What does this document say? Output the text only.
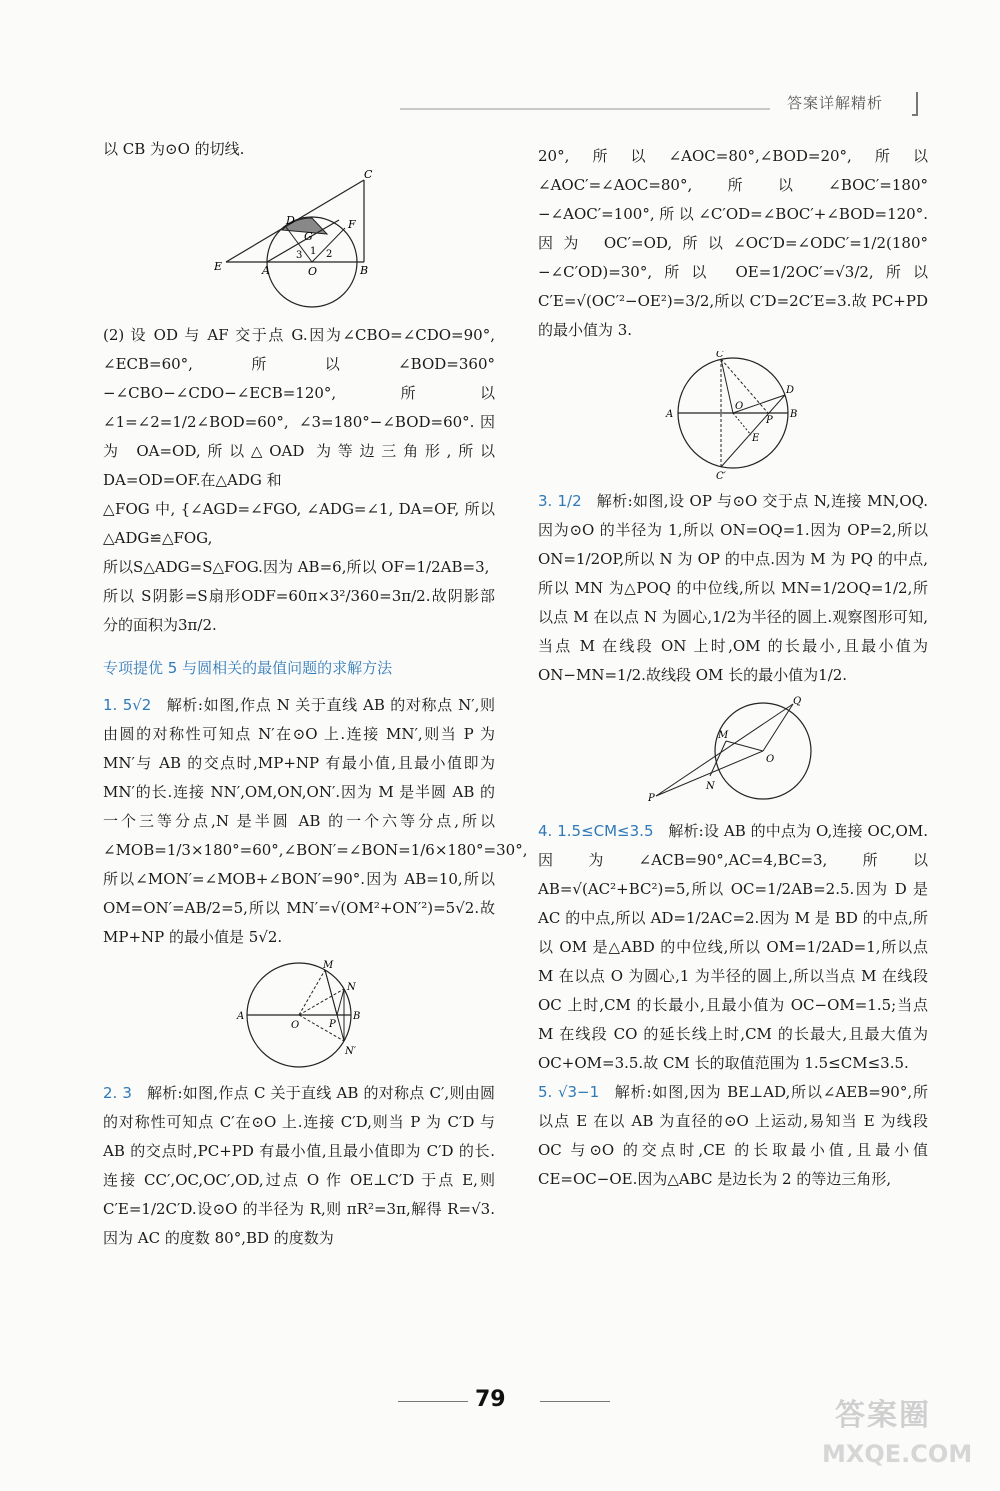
答案详解精析

以 CB 为⊙O 的切线.

C
D
G
F
E	A
1 2
3
O	B

(2) 设 OD 与 AF 交于点 G.因为∠CBO=∠CDO=90°, ∠ECB=60°,所以∠BOD=360°−∠CBO−∠CDO−∠ECB=120°,所以∠1=∠2=1/2∠BOD=60°, ∠3=180°−∠BOD=60°.因为 OA=OD,所以△OAD 为等边三角形,所以 DA=OD=OF.在△ADG 和

△FOG 中, {∠AGD=∠FGO, ∠ADG=∠1, DA=OF, 所以△ADG≌△FOG,

所以S△ADG=S△FOG.因为 AB=6,所以 OF=1/2AB=3,

所以 S阴影=S扇形ODF=60π×3²/360=3π/2.故阴影部分的面积为3π/2.

专项提优 5 与圆相关的最值问题的求解方法

1. 5√2 解析:如图,作点 N 关于直线 AB 的对称点 N′,则由圆的对称性可知点 N′在⊙O 上.连接 MN′,则当 P 为 MN′与 AB 的交点时,MP+NP 有最小值,且最小值即为 MN′的长.连接 NN′,OM,ON,ON′.因为 M 是半圆 AB 的一个三等分点,N 是半圆 AB 的一个六等分点,所以∠MOB=1/3×180°=60°,∠BON′=∠BON=1/6×180°=30°,所以∠MON′=∠MOB+∠BON′=90°.因为 AB=10,所以 OM=ON′=AB/2=5,所以 MN′=√(OM²+ON′²)=5√2.故 MP+NP 的最小值是 5√2.

M
N
A
O	P
B
N′

2. 3 解析:如图,作点 C 关于直线 AB 的对称点 C′,则由圆的对称性可知点 C′在⊙O 上.连接 C′D,则当 P 为 C′D 与 AB 的交点时,PC+PD 有最小值,且最小值即为 C′D 的长.连接 CC′,OC,OC′,OD,过点 O 作 OE⊥C′D 于点 E,则 C′E=1/2C′D.设⊙O 的半径为 R,则 πR²=3π,解得 R=√3.因为 AC 的度数 80°,BD 的度数为

20°,所以∠AOC=80°,∠BOD=20°,所以∠AOC′=∠AOC=80°,所以∠BOC′=180°−∠AOC′=100°,所以∠C′OD=∠BOC′+∠BOD=120°.因为 OC′=OD,所以∠OC′D=∠ODC′=1/2(180°−∠C′OD)=30°,所以 OE=1/2OC′=√3/2,所以 C′E=√(OC′²−OE²)=3/2,所以 C′D=2C′E=3.故 PC+PD 的最小值为 3.

C
D
A
O
P
B
E
C′

3. 1/2 解析:如图,设 OP 与⊙O 交于点 N,连接 MN,OQ.因为⊙O 的半径为 1,所以 ON=OQ=1.因为 OP=2,所以 ON=1/2OP,所以 N 为 OP 的中点.因为 M 为 PQ 的中点,所以 MN 为△POQ 的中位线,所以 MN=1/2OQ=1/2,所以点 M 在以点 N 为圆心,1/2为半径的圆上.观察图形可知,当点 M 在线段 ON 上时,OM 的长最小,且最小值为 ON−MN=1/2.故线段 OM 长的最小值为1/2.

Q
M
O
P
N

4. 1.5≤CM≤3.5 解析:设 AB 的中点为 O,连接 OC,OM.因为∠ACB=90°,AC=4,BC=3,所以 AB=√(AC²+BC²)=5,所以 OC=1/2AB=2.5.因为 D 是 AC 的中点,所以 AD=1/2AC=2.因为 M 是 BD 的中点,所以 OM 是△ABD 的中位线,所以 OM=1/2AD=1,所以点 M 在以点 O 为圆心,1 为半径的圆上,所以当点 M 在线段 OC 上时,CM 的长最小,且最小值为 OC−OM=1.5;当点 M 在线段 CO 的延长线上时,CM 的长最大,且最大值为 OC+OM=3.5.故 CM 长的取值范围为 1.5≤CM≤3.5.

5. √3−1 解析:如图,因为 BE⊥AD,所以∠AEB=90°,所以点 E 在以 AB 为直径的⊙O 上运动,易知当 E 为线段 OC 与⊙O 的交点时,CE 的长取最小值,且最小值 CE=OC−OE.因为△ABC 是边长为 2 的等边三角形,

79	答案圈
MXQE.COM
